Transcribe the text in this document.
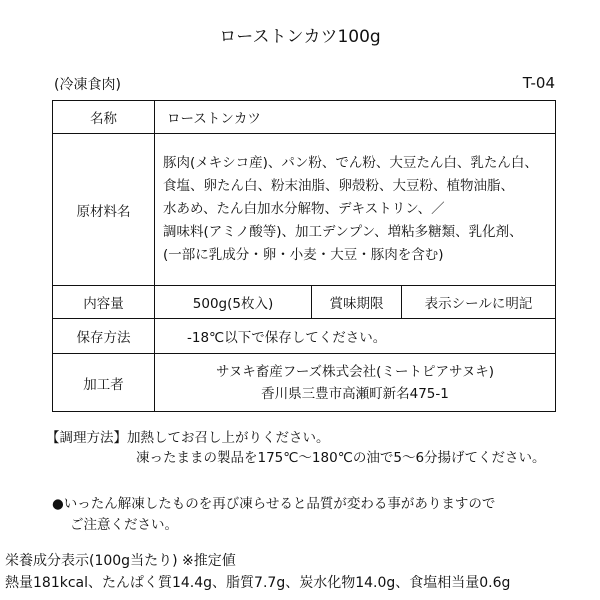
ローストンカツ100g
(冷凍食肉)	T-04
名称	ローストンカツ		
原材料名	豚肉(メキシコ産)、パン粉、でん粉、大豆たん白、乳たん白、
食塩、卵たん白、粉末油脂、卵殻粉、大豆粉、植物油脂、
水あめ、たん白加水分解物、デキストリン、／
調味料(アミノ酸等)、加工デンプン、増粘多糖類、乳化剤、
(一部に乳成分・卵・小麦・大豆・豚肉を含む)		

内容量	500g(5枚入)	賞味期限	表示シールに明記
保存方法	-18℃以下で保存してください。		
加工者	サヌキ畜産フーズ株式会社(ミートピアサヌキ)
香川県三豊市高瀬町新名475-1		
【調理方法】加熱してお召し上がりください。
凍ったままの製品を175℃～180℃の油で5～6分揚げてください。
●いったん解凍したものを再び凍らせると品質が変わる事がありますので
ご注意ください。
栄養成分表示(100g当たり) ※推定値
熱量181kcal、たんぱく質14.4g、脂質7.7g、炭水化物14.0g、食塩相当量0.6g
